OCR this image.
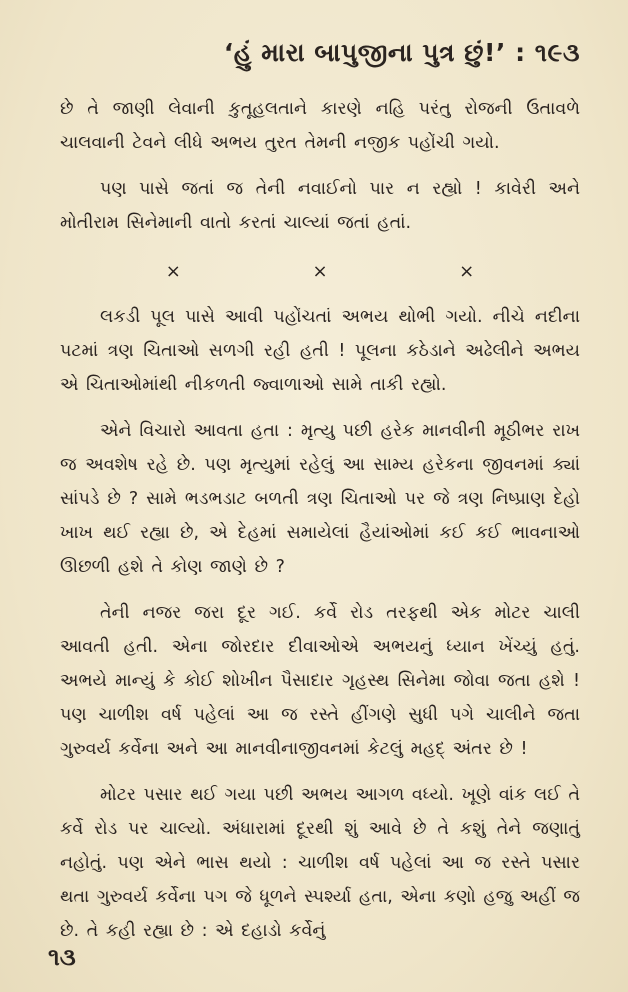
‘હું મારા બાપુજીના પુત્ર છું!’ : ૧૯૩

છે તે જાણી લેવાની કુતૂહલતાને કારણે નહિ પરંતુ રોજની ઉતાવળે ચાલવાની ટેવને લીધે અભય તુરત તેમની નજીક પહોંચી ગયો.

પણ પાસે જતાં જ તેની નવાઈનો પાર ન રહ્યો ! કાવેરી અને મોતીરામ સિનેમાની વાતો કરતાં ચાલ્યાં જતાં હતાં.

×	×	×

લકડી પૂલ પાસે આવી પહોંચતાં અભય થોભી ગયો. નીચે નદીના પટમાં ત્રણ ચિતાઓ સળગી રહી હતી ! પૂલના કઠેડાને અઢેલીને અભય એ ચિતાઓમાંથી નીકળતી જ્વાળાઓ સામે તાકી રહ્યો.

એને વિચારો આવતા હતા : મૃત્યુ પછી હરેક માનવીની મૂઠીભર રાખ જ અવશેષ રહે છે. પણ મૃત્યુમાં રહેલું આ સામ્ય હરેકના જીવનમાં ક્યાં સાંપડે છે ? સામે ભડભડાટ બળતી ત્રણ ચિતાઓ પર જે ત્રણ નિષ્પ્રાણ દેહો ખાખ થઈ રહ્યા છે, એ દેહમાં સમાયેલાં હૈયાંઓમાં કઈ કઈ ભાવનાઓ ઊછળી હશે તે કોણ જાણે છે ?

તેની નજર જરા દૂર ગઈ. કર્વે રોડ તરફથી એક મોટર ચાલી આવતી હતી. એના જોરદાર દીવાઓએ અભયનું ધ્યાન ખેંચ્યું હતું. અભયે માન્યું કે કોઈ શોખીન પૈસાદાર ગૃહસ્થ સિનેમા જોવા જતા હશે ! પણ ચાળીશ વર્ષ પહેલાં આ જ રસ્તે હીંગણે સુધી પગે ચાલીને જતા ગુરુવર્ય કર્વેના અને આ માનવીનાજીવનમાં કેટલું મહદ્ અંતર છે !

મોટર પસાર થઈ ગયા પછી અભય આગળ વધ્યો. ખૂણે વાંક લઈ તે કર્વે રોડ પર ચાલ્યો. અંધારામાં દૂરથી શું આવે છે તે કશું તેને જણાતું નહોતું. પણ એને ભાસ થયો : ચાળીશ વર્ષ પહેલાં આ જ રસ્તે પસાર થતા ગુરુવર્ય કર્વેના પગ જે ધૂળને સ્પર્શ્યા હતા, એના કણો હજુ અહીં જ છે. તે કહી રહ્યા છે : એ દહાડો કર્વેનું

૧૩
